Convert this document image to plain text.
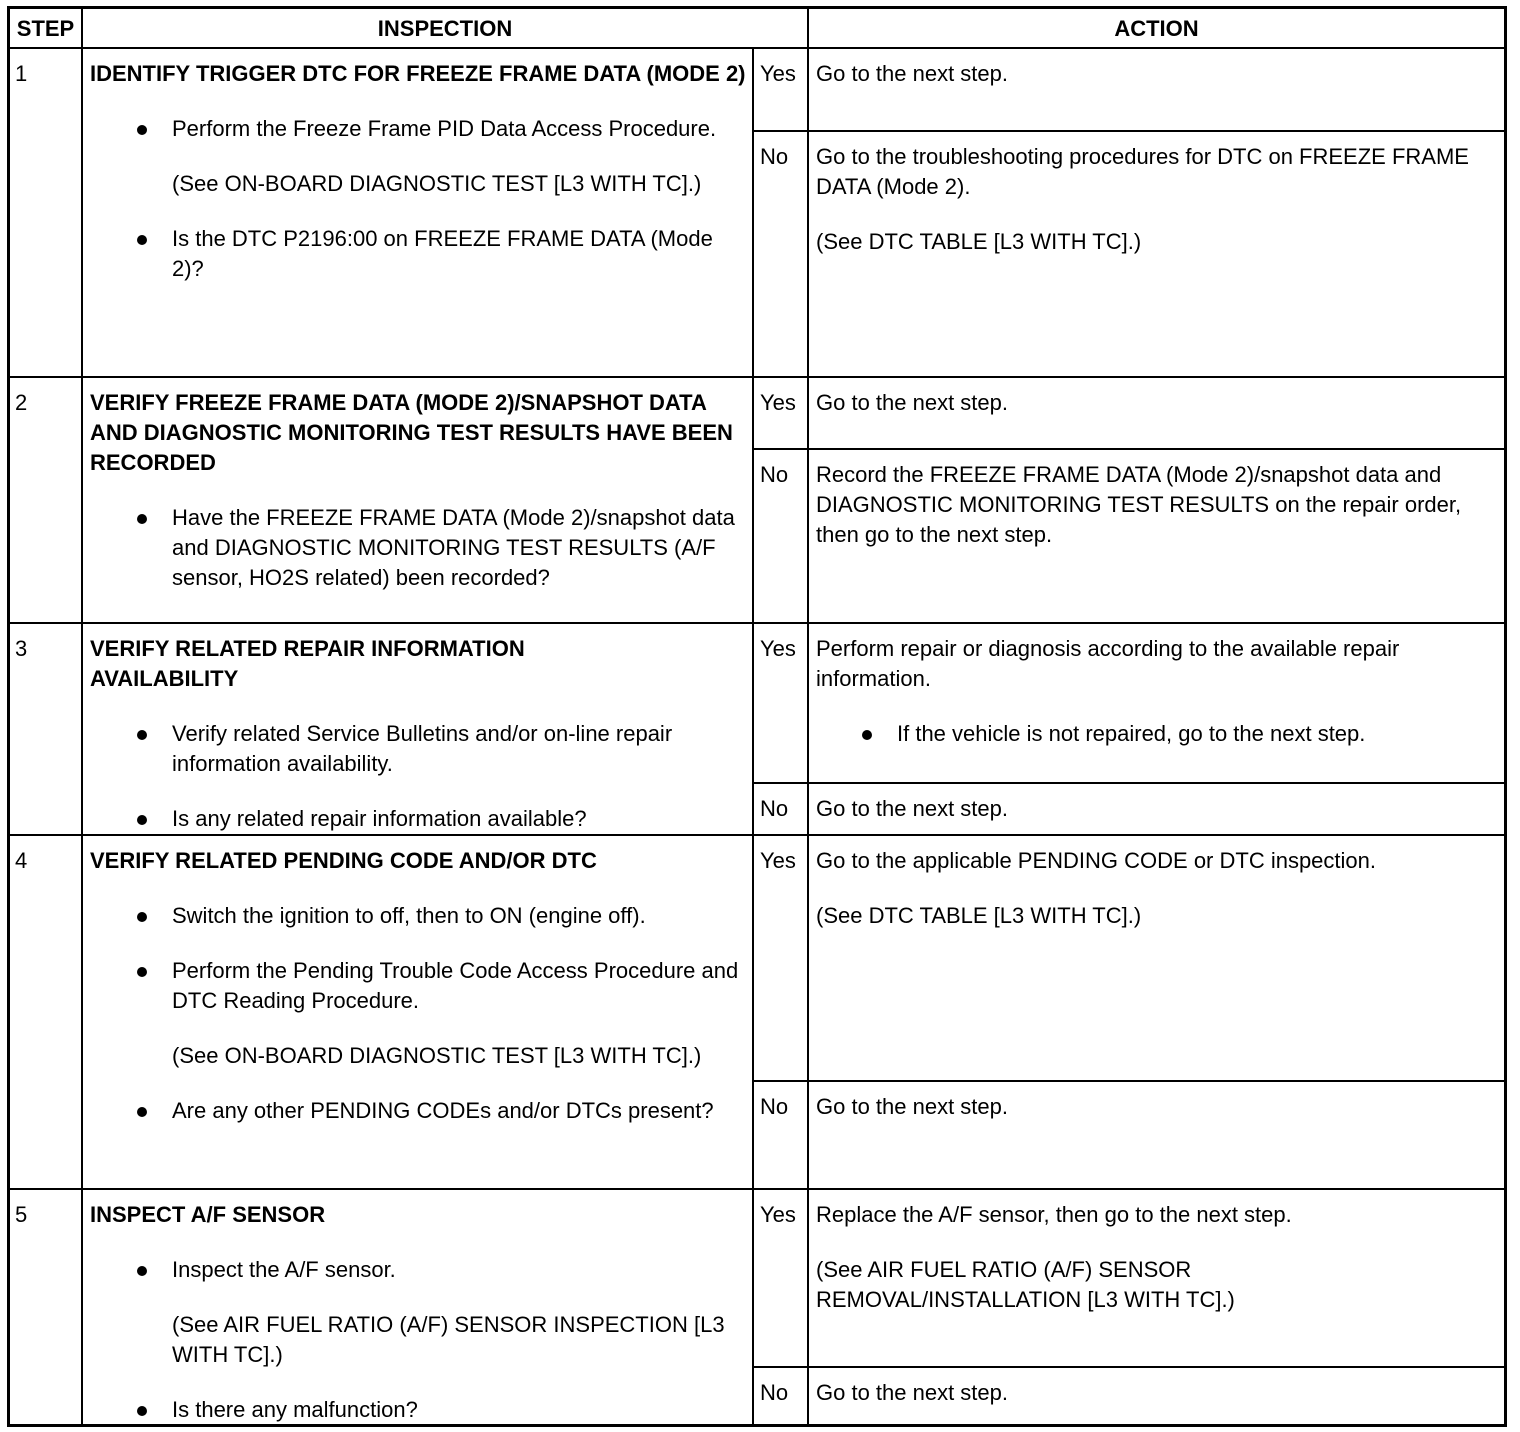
STEP	INSPECTION	ACTION
1	IDENTIFY TRIGGER DTC FOR FREEZE FRAME DATA (MODE 2)
Perform the Freeze Frame PID Data Access Procedure.
(See ON-BOARD DIAGNOSTIC TEST [L3 WITH TC].)
Is the DTC P2196:00 on FREEZE FRAME DATA (Mode 2)?
Yes Go to the next step.
No	Go to the troubleshooting procedures for DTC on FREEZE FRAME DATA (Mode 2).
(See DTC TABLE [L3 WITH TC].)
2	VERIFY FREEZE FRAME DATA (MODE 2)/SNAPSHOT DATA AND DIAGNOSTIC MONITORING TEST RESULTS HAVE BEEN RECORDED
Have the FREEZE FRAME DATA (Mode 2)/snapshot data and DIAGNOSTIC MONITORING TEST RESULTS (A/F sensor, HO2S related) been recorded?
Yes Go to the next step.
No	Record the FREEZE FRAME DATA (Mode 2)/snapshot data and DIAGNOSTIC MONITORING TEST RESULTS on the repair order, then go to the next step.
3	VERIFY RELATED REPAIR INFORMATION AVAILABILITY
Verify related Service Bulletins and/or on-line repair information availability.
Is any related repair information available?
Yes Perform repair or diagnosis according to the available repair information.
If the vehicle is not repaired, go to the next step.
No	Go to the next step.
4	VERIFY RELATED PENDING CODE AND/OR DTC
Switch the ignition to off, then to ON (engine off).
Perform the Pending Trouble Code Access Procedure and DTC Reading Procedure.
(See ON-BOARD DIAGNOSTIC TEST [L3 WITH TC].)
Are any other PENDING CODEs and/or DTCs present?
Yes Go to the applicable PENDING CODE or DTC inspection.
(See DTC TABLE [L3 WITH TC].)
No	Go to the next step.
5	INSPECT A/F SENSOR
Inspect the A/F sensor.
(See AIR FUEL RATIO (A/F) SENSOR INSPECTION [L3 WITH TC].)
Is there any malfunction?
Yes Replace the A/F sensor, then go to the next step.
(See AIR FUEL RATIO (A/F) SENSOR REMOVAL/INSTALLATION [L3 WITH TC].)
No	Go to the next step.
